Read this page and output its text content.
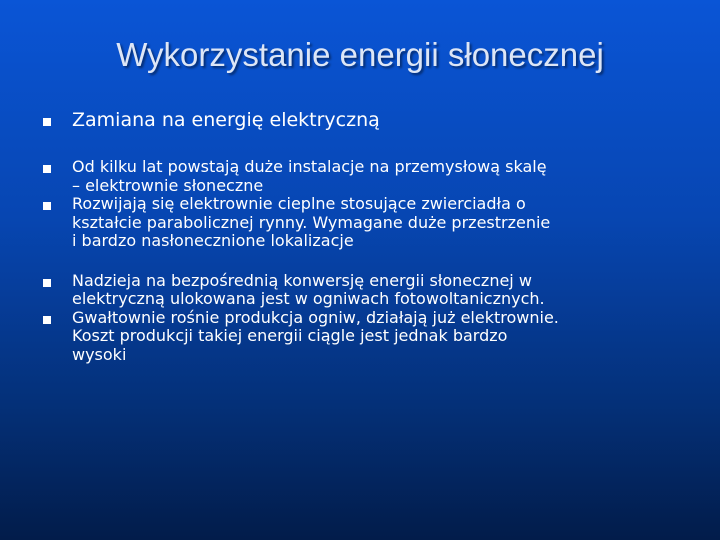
Wykorzystanie energii słonecznej
Zamiana na energię elektryczną
Od kilku lat powstają duże instalacje na przemysłową skalę
– elektrownie słoneczne
Rozwijają się elektrownie cieplne stosujące zwierciadła o
kształcie parabolicznej rynny. Wymagane duże przestrzenie
i bardzo nasłonecznione lokalizacje
Nadzieja na bezpośrednią konwersję energii słonecznej w
elektryczną ulokowana jest w ogniwach fotowoltanicznych.
Gwałtownie rośnie produkcja ogniw, działają już elektrownie.
Koszt produkcji takiej energii ciągle jest jednak bardzo
wysoki
